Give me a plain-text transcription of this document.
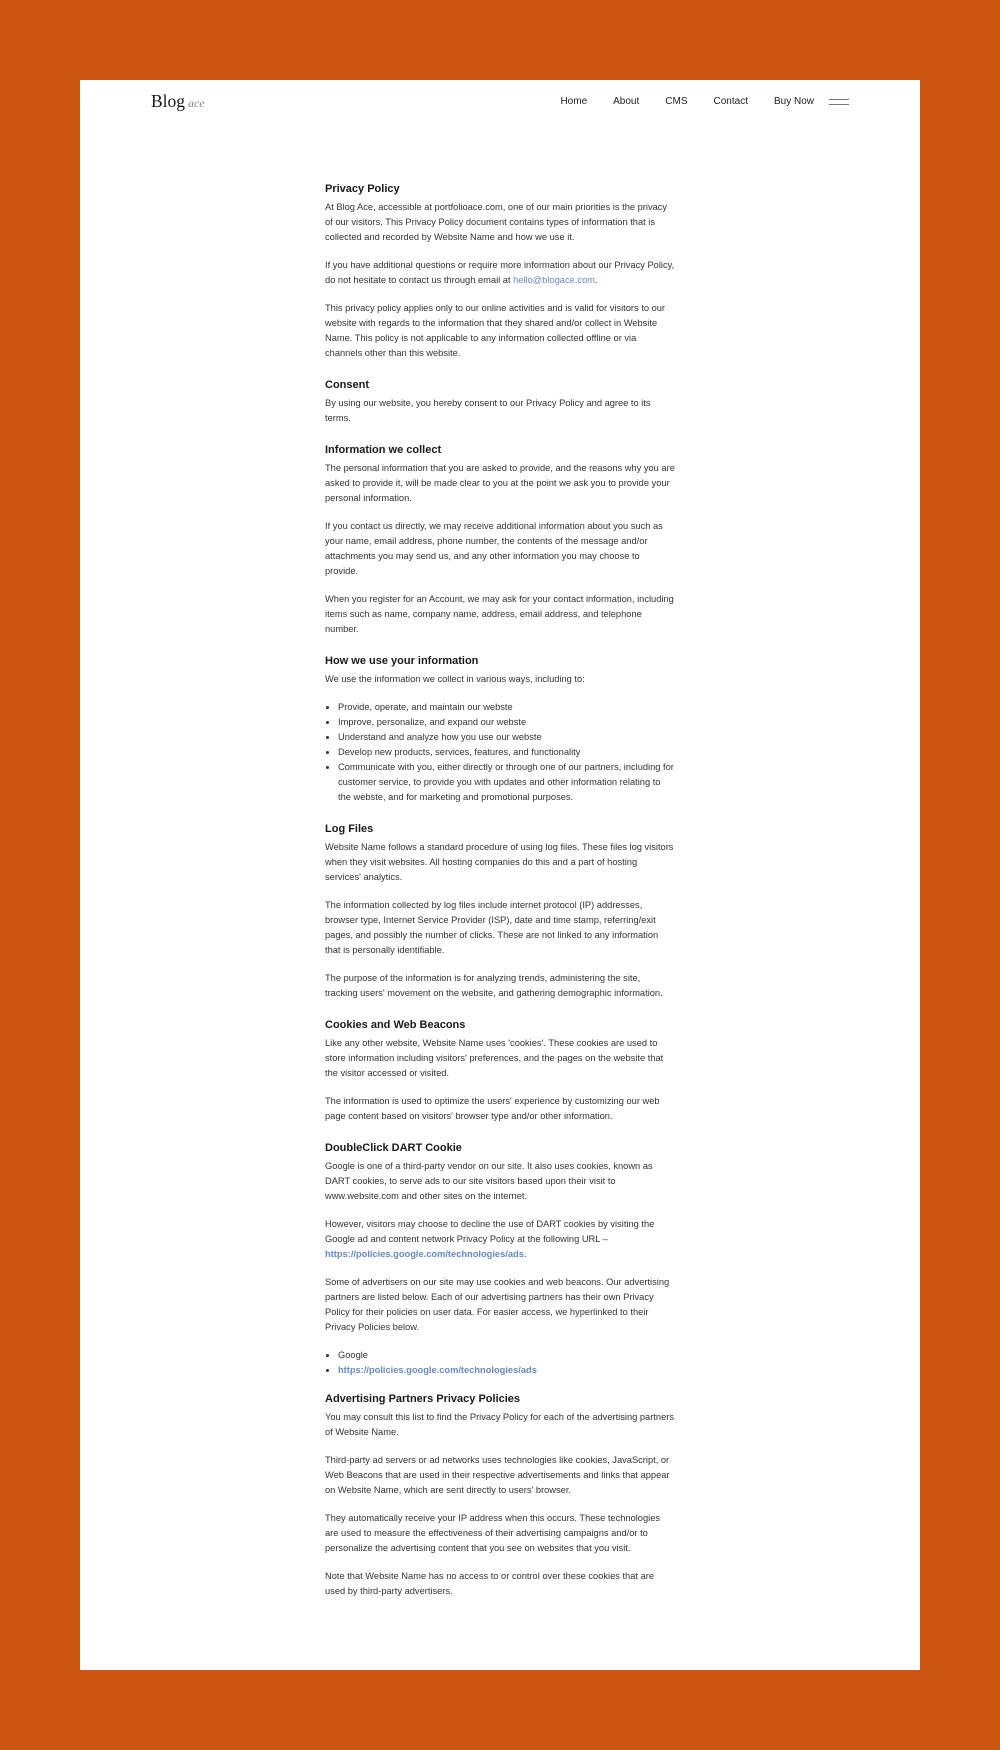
Blog ace	Home	About	CMS	Contact	Buy Now
Privacy Policy

At Blog Ace, accessible at portfolioace.com, one of our main priorities is the privacy of our visitors. This Privacy Policy document contains types of information that is collected and recorded by Website Name and how we use it.

If you have additional questions or require more information about our Privacy Policy, do not hesitate to contact us through email at hello@blogace.com.

This privacy policy applies only to our online activities and is valid for visitors to our website with regards to the information that they shared and/or collect in Website Name. This policy is not applicable to any information collected offline or via channels other than this website.

Consent

By using our website, you hereby consent to our Privacy Policy and agree to its terms.

Information we collect

The personal information that you are asked to provide, and the reasons why you are asked to provide it, will be made clear to you at the point we ask you to provide your personal information.

If you contact us directly, we may receive additional information about you such as your name, email address, phone number, the contents of the message and/or attachments you may send us, and any other information you may choose to provide.

When you register for an Account, we may ask for your contact information, including items such as name, company name, address, email address, and telephone number.

How we use your information

We use the information we collect in various ways, including to:

• Provide, operate, and maintain our webste
• Improve, personalize, and expand our webste
• Understand and analyze how you use our webste
• Develop new products, services, features, and functionality
• Communicate with you, either directly or through one of our partners, including for customer service, to provide you with updates and other information relating to the webste, and for marketing and promotional purposes.
Log Files

Website Name follows a standard procedure of using log files. These files log visitors when they visit websites. All hosting companies do this and a part of hosting services' analytics.

The information collected by log files include internet protocol (IP) addresses, browser type, Internet Service Provider (ISP), date and time stamp, referring/exit pages, and possibly the number of clicks. These are not linked to any information that is personally identifiable.

The purpose of the information is for analyzing trends, administering the site, tracking users' movement on the website, and gathering demographic information.

Cookies and Web Beacons

Like any other website, Website Name uses 'cookies'. These cookies are used to store information including visitors' preferences, and the pages on the website that the visitor accessed or visited.

The information is used to optimize the users' experience by customizing our web page content based on visitors' browser type and/or other information.

DoubleClick DART Cookie

Google is one of a third-party vendor on our site. It also uses cookies, known as DART cookies, to serve ads to our site visitors based upon their visit to www.website.com and other sites on the internet.

However, visitors may choose to decline the use of DART cookies by visiting the Google ad and content network Privacy Policy at the following URL – https://policies.google.com/technologies/ads.

Some of advertisers on our site may use cookies and web beacons. Our advertising partners are listed below. Each of our advertising partners has their own Privacy Policy for their policies on user data. For easier access, we hyperlinked to their Privacy Policies below.

• Google
• https://policies.google.com/technologies/ads
Advertising Partners Privacy Policies

You may consult this list to find the Privacy Policy for each of the advertising partners of Website Name.

Third-party ad servers or ad networks uses technologies like cookies, JavaScript, or Web Beacons that are used in their respective advertisements and links that appear on Website Name, which are sent directly to users' browser.

They automatically receive your IP address when this occurs. These technologies are used to measure the effectiveness of their advertising campaigns and/or to personalize the advertising content that you see on websites that you visit.

Note that Website Name has no access to or control over these cookies that are used by third-party advertisers.
